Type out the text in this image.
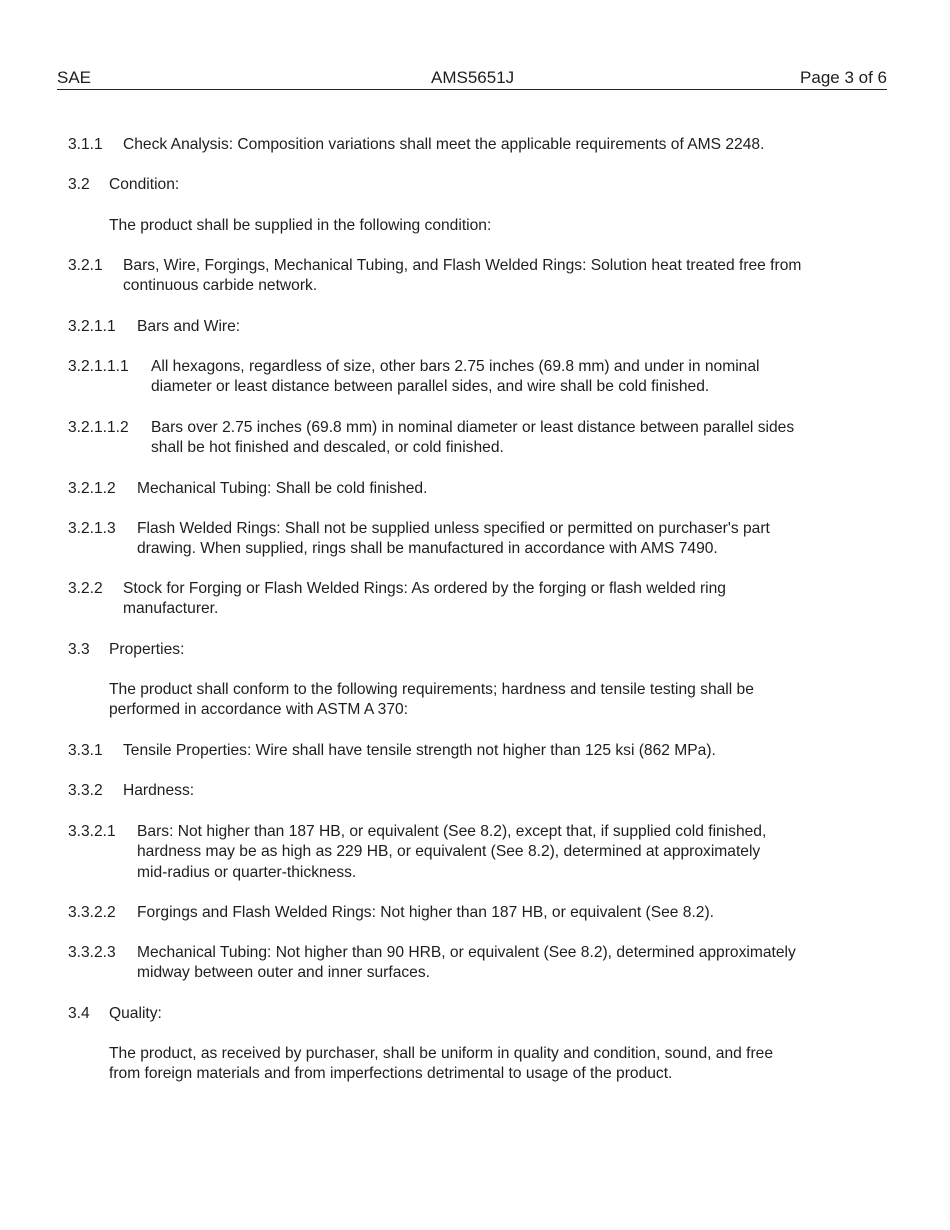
SAE	AMS5651J	Page 3 of 6
3.1.1 Check Analysis: Composition variations shall meet the applicable requirements of AMS 2248.
3.2 Condition:
The product shall be supplied in the following condition:
3.2.1 Bars, Wire, Forgings, Mechanical Tubing, and Flash Welded Rings: Solution heat treated free from
continuous carbide network.
3.2.1.1 Bars and Wire:
3.2.1.1.1 All hexagons, regardless of size, other bars 2.75 inches (69.8 mm) and under in nominal
diameter or least distance between parallel sides, and wire shall be cold finished.
3.2.1.1.2 Bars over 2.75 inches (69.8 mm) in nominal diameter or least distance between parallel sides
shall be hot finished and descaled, or cold finished.
3.2.1.2 Mechanical Tubing: Shall be cold finished.
3.2.1.3 Flash Welded Rings: Shall not be supplied unless specified or permitted on purchaser's part
drawing. When supplied, rings shall be manufactured in accordance with AMS 7490.
3.2.2 Stock for Forging or Flash Welded Rings: As ordered by the forging or flash welded ring
manufacturer.
3.3 Properties:
The product shall conform to the following requirements; hardness and tensile testing shall be
performed in accordance with ASTM A 370:
3.3.1 Tensile Properties: Wire shall have tensile strength not higher than 125 ksi (862 MPa).
3.3.2 Hardness:
3.3.2.1 Bars: Not higher than 187 HB, or equivalent (See 8.2), except that, if supplied cold finished,
hardness may be as high as 229 HB, or equivalent (See 8.2), determined at approximately
mid-radius or quarter-thickness.
3.3.2.2 Forgings and Flash Welded Rings: Not higher than 187 HB, or equivalent (See 8.2).
3.3.2.3 Mechanical Tubing: Not higher than 90 HRB, or equivalent (See 8.2), determined approximately
midway between outer and inner surfaces.
3.4 Quality:
The product, as received by purchaser, shall be uniform in quality and condition, sound, and free
from foreign materials and from imperfections detrimental to usage of the product.
